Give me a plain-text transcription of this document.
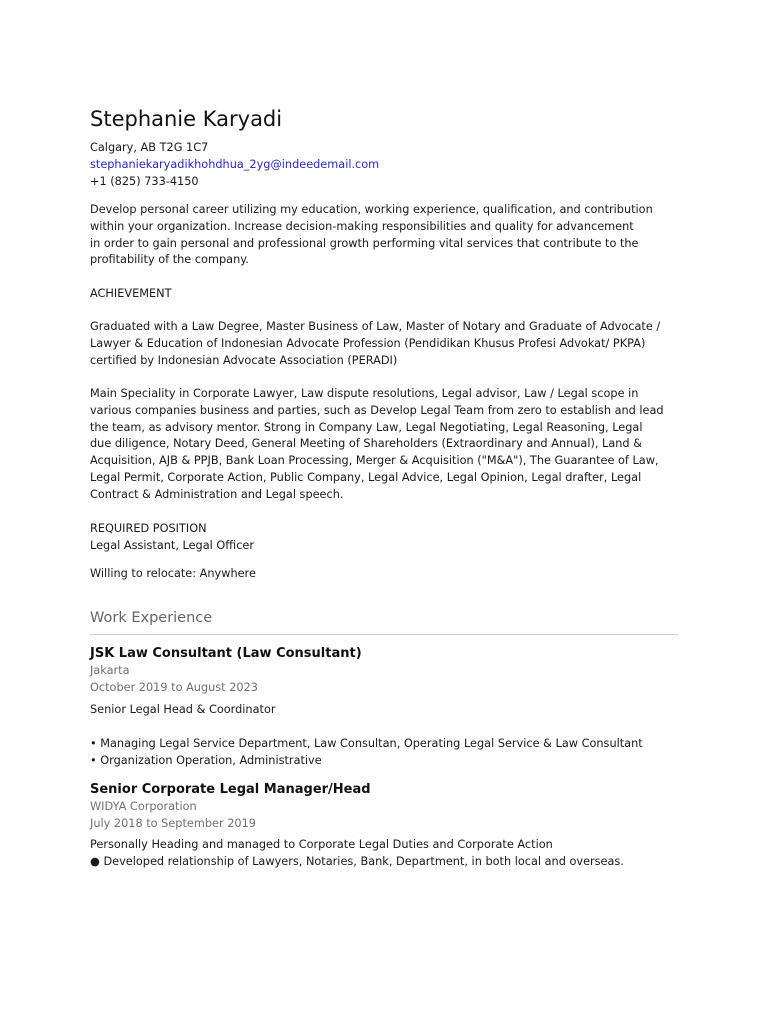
Stephanie Karyadi
Calgary, AB T2G 1C7
stephaniekaryadikhohdhua_2yg@indeedemail.com
+1 (825) 733-4150
Develop personal career utilizing my education, working experience, qualification, and contribution
within your organization. Increase decision-making responsibilities and quality for advancement
in order to gain personal and professional growth performing vital services that contribute to the
profitability of the company.
ACHIEVEMENT
Graduated with a Law Degree, Master Business of Law, Master of Notary and Graduate of Advocate /
Lawyer & Education of Indonesian Advocate Profession (Pendidikan Khusus Profesi Advokat/ PKPA)
certified by Indonesian Advocate Association (PERADI)
Main Speciality in Corporate Lawyer, Law dispute resolutions, Legal advisor, Law / Legal scope in
various companies business and parties, such as Develop Legal Team from zero to establish and lead
the team, as advisory mentor. Strong in Company Law, Legal Negotiating, Legal Reasoning, Legal
due diligence, Notary Deed, General Meeting of Shareholders (Extraordinary and Annual), Land &
Acquisition, AJB & PPJB, Bank Loan Processing, Merger & Acquisition ("M&A"), The Guarantee of Law,
Legal Permit, Corporate Action, Public Company, Legal Advice, Legal Opinion, Legal drafter, Legal
Contract & Administration and Legal speech.
REQUIRED POSITION
Legal Assistant, Legal Officer
Willing to relocate: Anywhere
Work Experience
JSK Law Consultant (Law Consultant)
Jakarta
October 2019 to August 2023
Senior Legal Head & Coordinator
• Managing Legal Service Department, Law Consultan, Operating Legal Service & Law Consultant
• Organization Operation, Administrative
Senior Corporate Legal Manager/Head
WIDYA Corporation
July 2018 to September 2019
Personally Heading and managed to Corporate Legal Duties and Corporate Action
● Developed relationship of Lawyers, Notaries, Bank, Department, in both local and overseas.
